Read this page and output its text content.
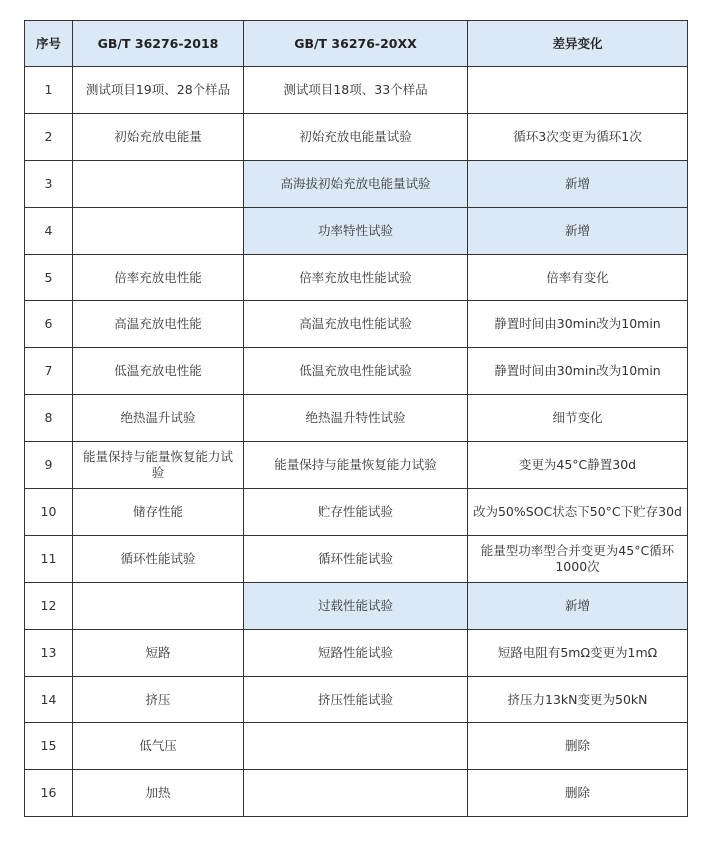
序号	GB/T 36276-2018	GB/T 36276-20XX	差异变化
1	测试项目19项、28个样品	测试项目18项、33个样品	
2	初始充放电能量	初始充放电能量试验	循环3次变更为循环1次
3		高海拔初始充放电能量试验	新增
4		功率特性试验	新增
5	倍率充放电性能	倍率充放电性能试验	倍率有变化
6	高温充放电性能	高温充放电性能试验	静置时间由30min改为10min
7	低温充放电性能	低温充放电性能试验	静置时间由30min改为10min
8	绝热温升试验	绝热温升特性试验	细节变化
9	能量保持与能量恢复能力试验	能量保持与能量恢复能力试验	变更为45°C静置30d
10	储存性能	贮存性能试验	改为50%SOC状态下50°C下贮存30d
11	循环性能试验	循环性能试验	能量型功率型合并变更为45°C循环1000次
12		过载性能试验	新增
13	短路	短路性能试验	短路电阻有5mΩ变更为1mΩ
14	挤压	挤压性能试验	挤压力13kN变更为50kN
15	低气压		删除
16	加热		删除
